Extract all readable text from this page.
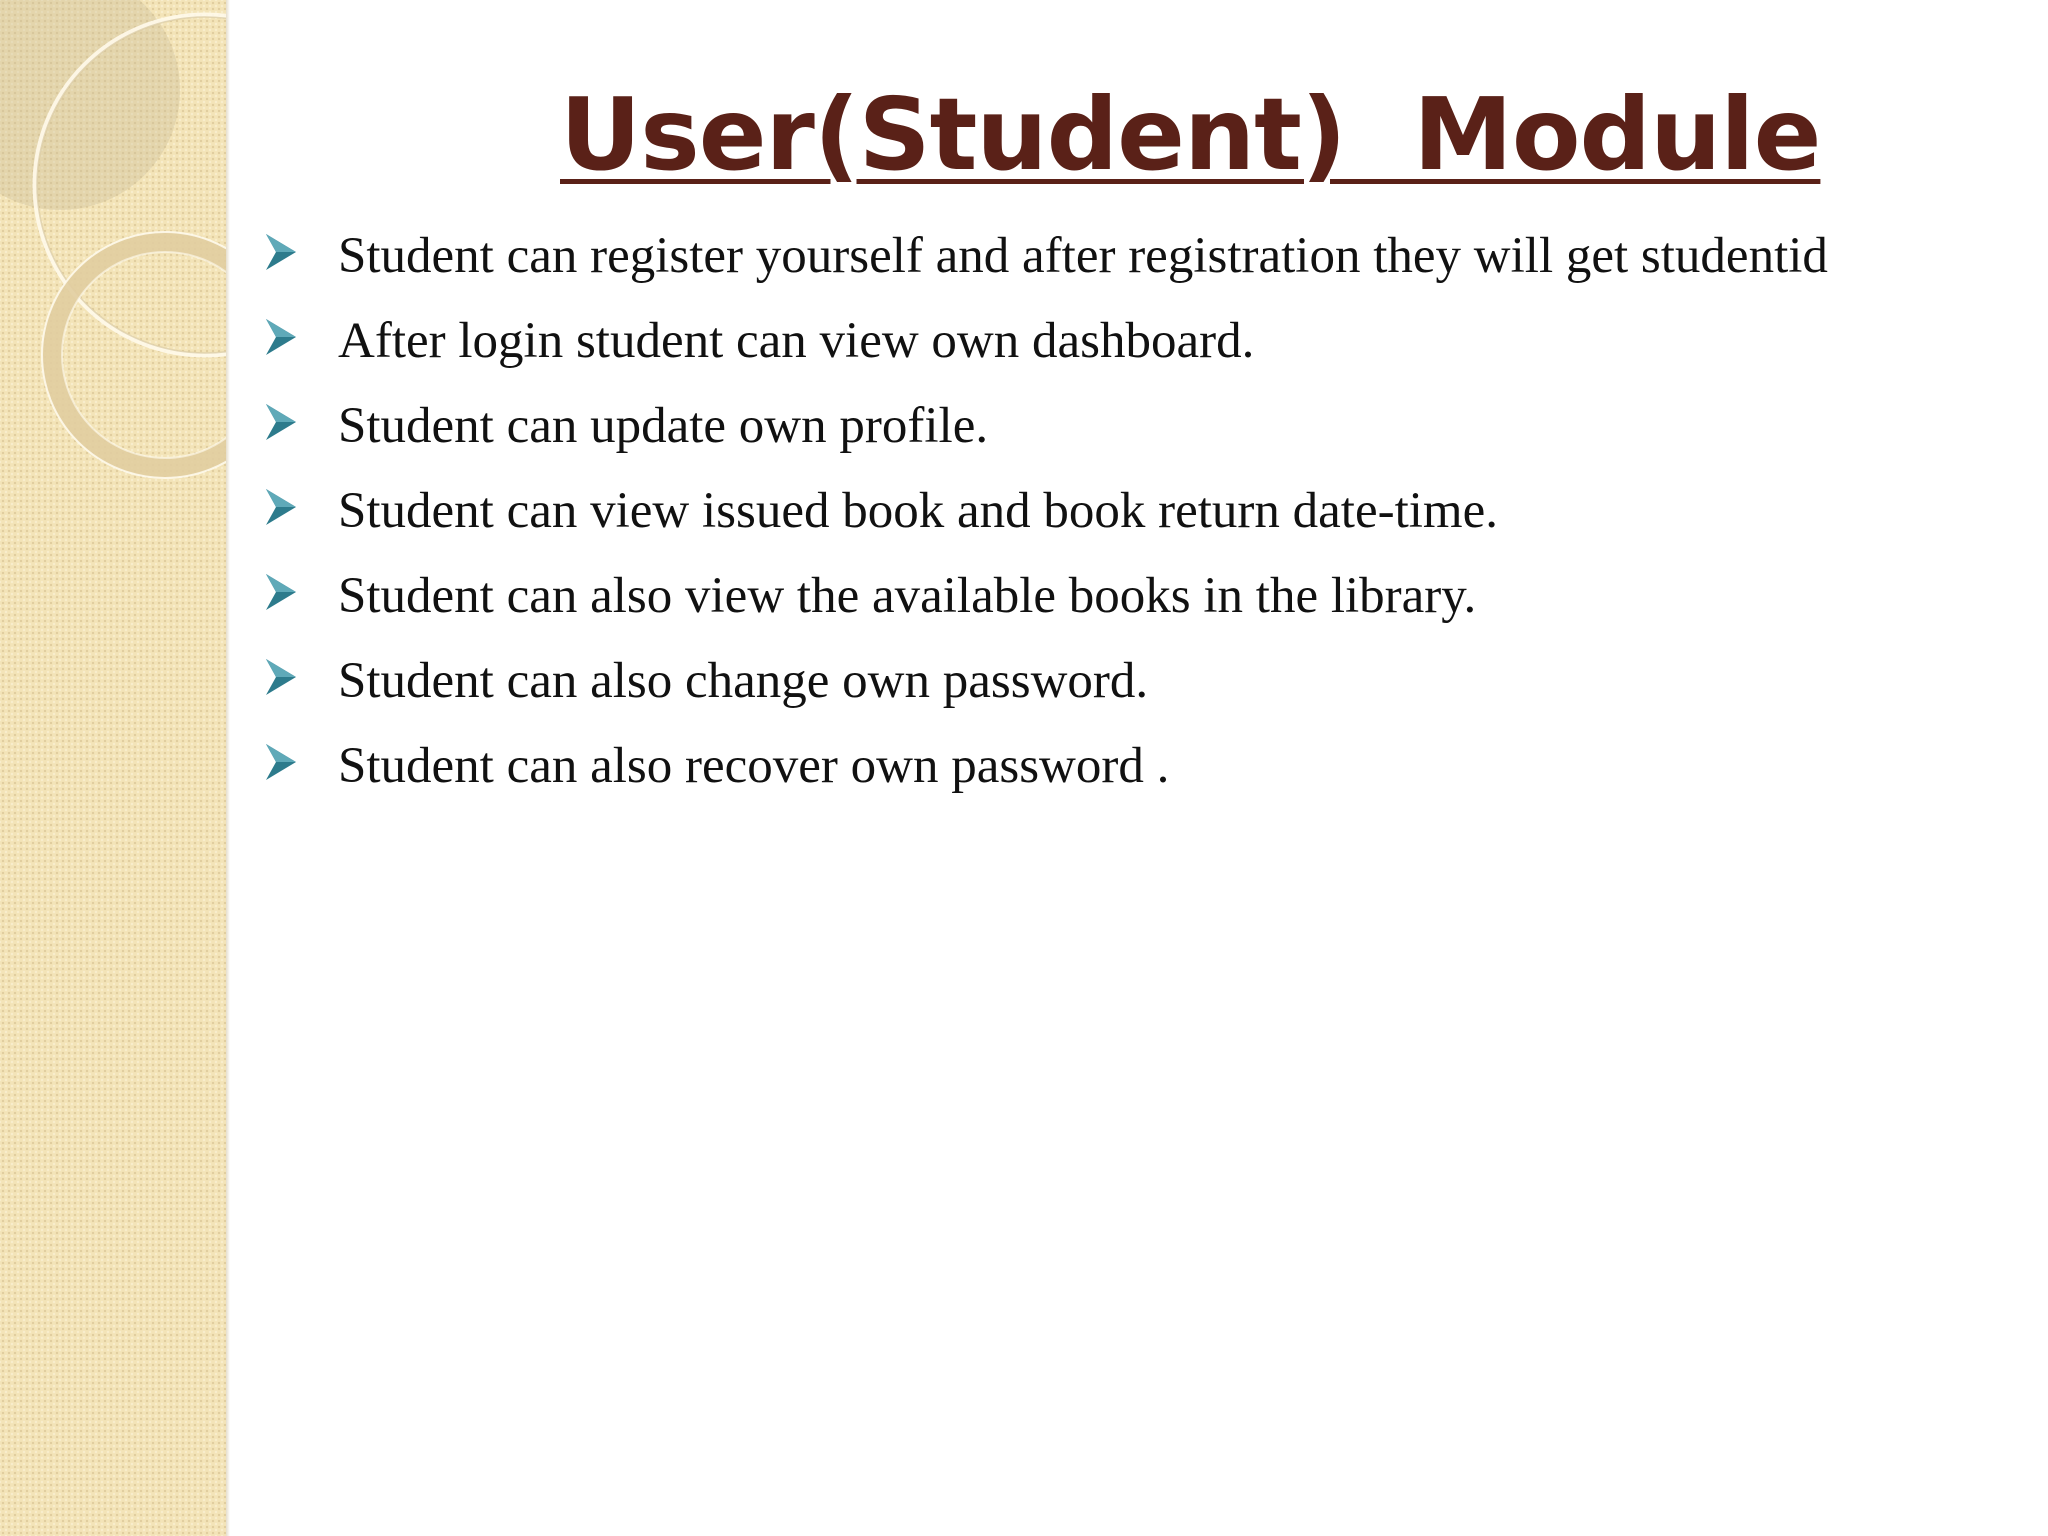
User(Student)  Module
Student can register yourself and after registration they will get studentid
After login student can view own dashboard.
Student can update own profile.
Student can view issued book and book return date-time.
Student can also view the available books in the library.
Student can also change own password.
Student can also recover own password .
